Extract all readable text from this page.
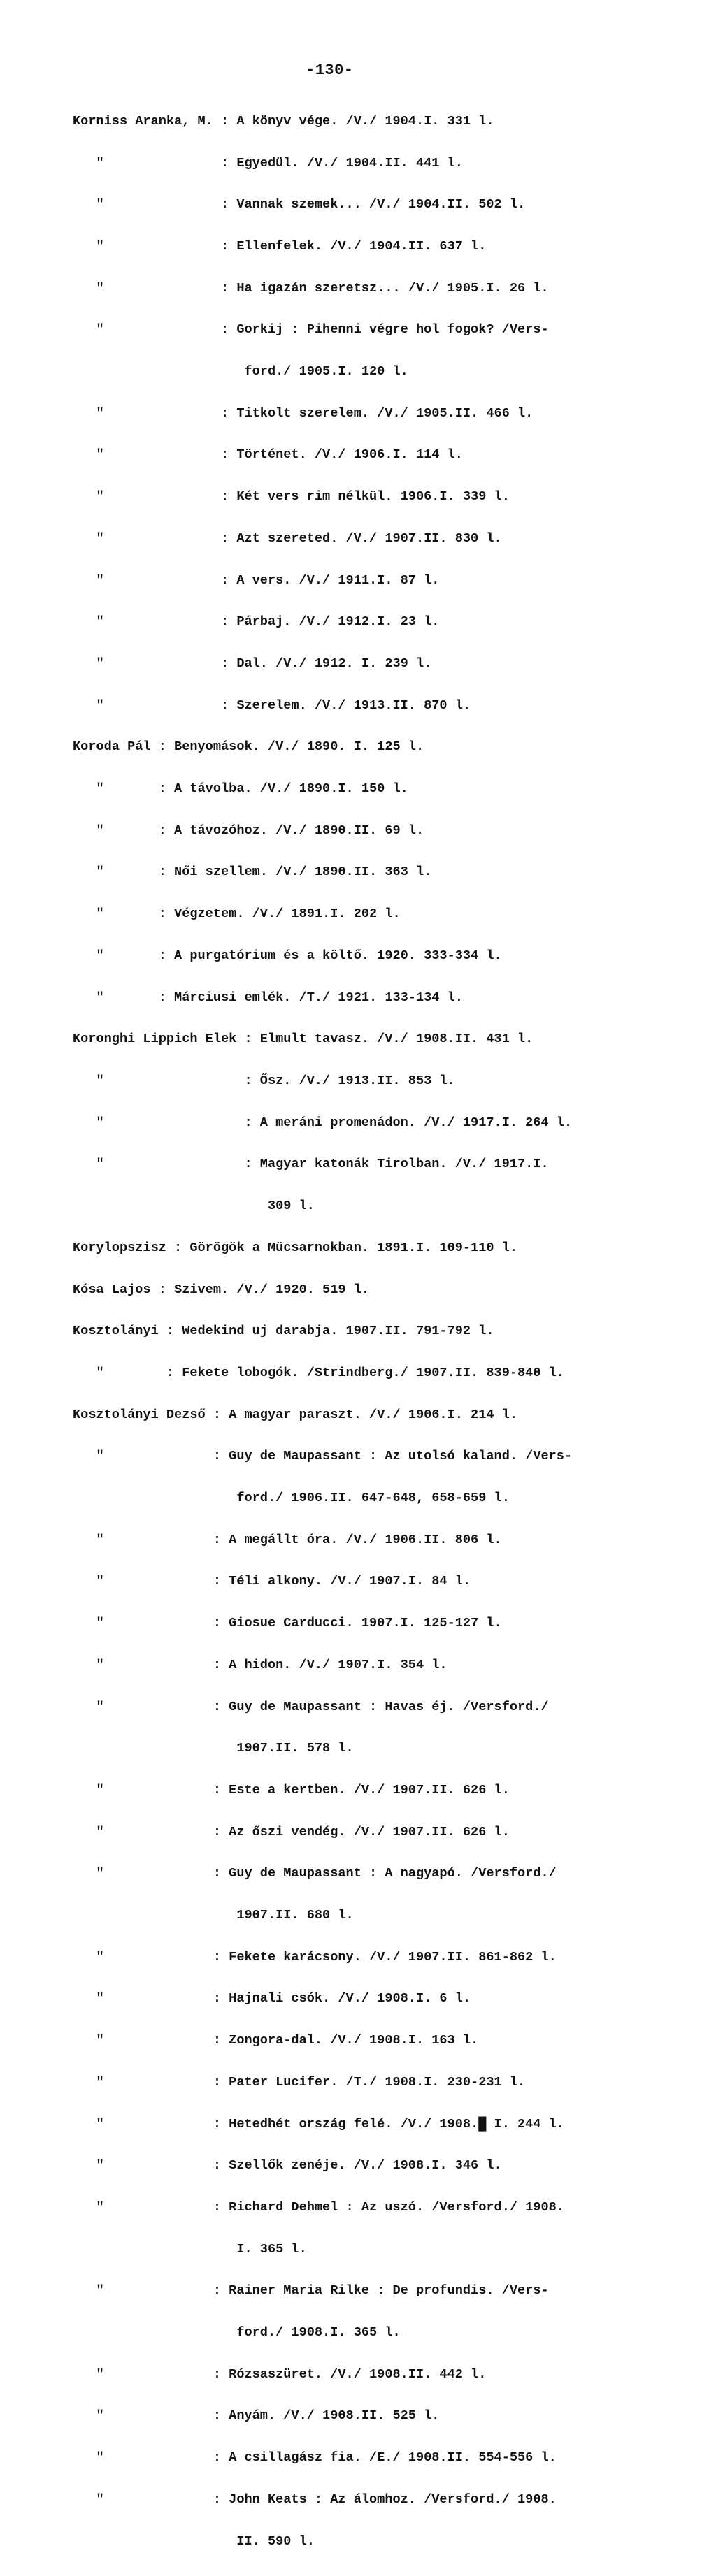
-130-

Korniss Aranka, M. : A könyv vége. /V./ 1904.I. 331 l.

"               : Egyedül. /V./ 1904.II. 441 l.

"               : Vannak szemek... /V./ 1904.II. 502 l.

"               : Ellenfelek. /V./ 1904.II. 637 l.

"               : Ha igazán szeretsz... /V./ 1905.I. 26 l.

"               : Gorkij : Pihenni végre hol fogok? /Vers-

ford./ 1905.I. 120 l.

"               : Titkolt szerelem. /V./ 1905.II. 466 l.

"               : Történet. /V./ 1906.I. 114 l.

"               : Két vers rim nélkül. 1906.I. 339 l.

"               : Azt szereted. /V./ 1907.II. 830 l.

"               : A vers. /V./ 1911.I. 87 l.

"               : Párbaj. /V./ 1912.I. 23 l.

"               : Dal. /V./ 1912. I. 239 l.

"               : Szerelem. /V./ 1913.II. 870 l.

Koroda Pál : Benyomások. /V./ 1890. I. 125 l.

"       : A távolba. /V./ 1890.I. 150 l.

"       : A távozóhoz. /V./ 1890.II. 69 l.

"       : Női szellem. /V./ 1890.II. 363 l.

"       : Végzetem. /V./ 1891.I. 202 l.

"       : A purgatórium és a költő. 1920. 333-334 l.

"       : Márciusi emlék. /T./ 1921. 133-134 l.

Koronghi Lippich Elek : Elmult tavasz. /V./ 1908.II. 431 l.

"                  : Ősz. /V./ 1913.II. 853 l.

"                  : A meráni promenádon. /V./ 1917.I. 264 l.

"                  : Magyar katonák Tirolban. /V./ 1917.I.

309 l.

Korylopszisz : Görögök a Müсsarnokban. 1891.I. 109-110 l.

Kósa Lajos : Szivem. /V./ 1920. 519 l.

Kosztolányi : Wedekind uj darabja. 1907.II. 791-792 l.

"        : Fekete lobogók. /Strindberg./ 1907.II. 839-840 l.

Kosztolányi Dezső : A magyar paraszt. /V./ 1906.I. 214 l.

"              : Guy de Maupassant : Az utolsó kaland. /Vers-

ford./ 1906.II. 647-648, 658-659 l.

"              : A megállt óra. /V./ 1906.II. 806 l.

"              : Téli alkony. /V./ 1907.I. 84 l.

"              : Giosue Carducci. 1907.I. 125-127 l.

"              : A hidon. /V./ 1907.I. 354 l.

"              : Guy de Maupassant : Havas éj. /Versford./

1907.II. 578 l.

"              : Este a kertben. /V./ 1907.II. 626 l.

"              : Az őszi vendég. /V./ 1907.II. 626 l.

"              : Guy de Maupassant : A nagyapó. /Versford./

1907.II. 680 l.

"              : Fekete karácsony. /V./ 1907.II. 861-862 l.

"              : Hajnali csók. /V./ 1908.I. 6 l.

"              : Zongora-dal. /V./ 1908.I. 163 l.

"              : Pater Lucifer. /T./ 1908.I. 230-231 l.

"              : Hetedhét ország felé. /V./ 1908.█ I. 244 l.

"              : Szellők zenéje. /V./ 1908.I. 346 l.

"              : Richard Dehmel : Az uszó. /Versford./ 1908.

I. 365 l.

"              : Rainer Maria Rilke : De profundis. /Vers-

ford./ 1908.I. 365 l.

"              : Rózsaszüret. /V./ 1908.II. 442 l.

"              : Anyám. /V./ 1908.II. 525 l.

"              : A csillagász fia. /E./ 1908.II. 554-556 l.

"              : John Keats : Az álomhoz. /Versford./ 1908.

II. 590 l.
